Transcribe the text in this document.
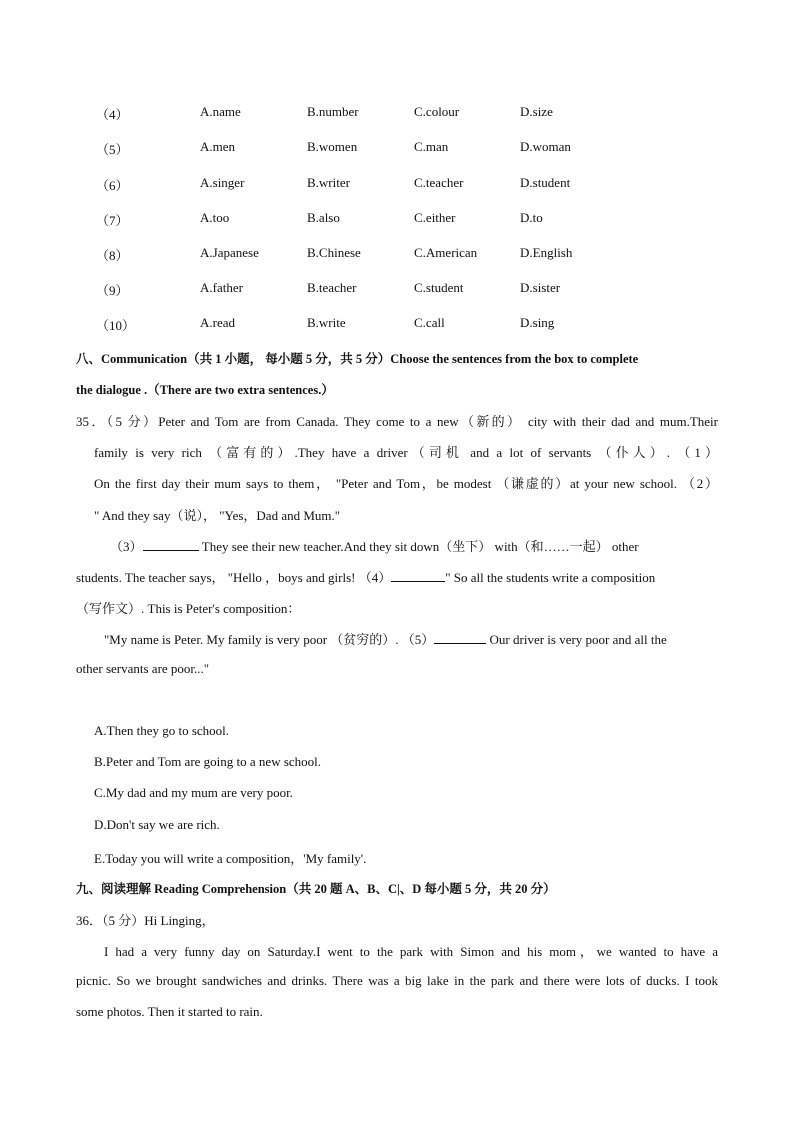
（4）	A.name	B.number	C.colour	D.size
（5）	A.men	B.women	C.man	D.woman
（6）	A.singer	B.writer	C.teacher	D.student
（7）	A.too	B.also	C.either	D.to
（8）	A.Japanese	B.Chinese	C.American	D.English
（9）	A.father	B.teacher	C.student	D.sister
（10）	A.read	B.write	C.call	D.sing
八、Communication（共 1 小题， 每小题 5 分，共 5 分）Choose the sentences from the box to complete
the dialogue .（There are two extra sentences.）
35．（5 分）Peter and Tom are from Canada. They come to a new（新的） city with their dad and mum.Their
family is very rich （富有的）.They have a driver（司机 and a lot of servants （仆人）. （1）
On the first day their mum says to them， "Peter and Tom，be modest （谦虚的）at your new school. （2）
" And they say（说）， "Yes，Dad and Mum."
（3）	They see their new teacher.And they sit down（坐下） with（和……一起） other
students. The teacher says， "Hello ，boys and girls! （4）	" So all the students write a composition
（写作文）. This is Peter's composition：
"My name is Peter. My family is very poor （贫穷的）. （5）	Our driver is very poor and all the
other servants are poor..."
A.Then they go to school.
B.Peter and Tom are going to a new school.
C.My dad and my mum are very poor.
D.Don't say we are rich.
E.Today you will write a composition，'My family'.
九、阅读理解 Reading Comprehension（共 20 题 A、B、C|、D 每小题 5 分，共 20 分）
36．（5 分）Hi Linging，
I had a very funny day on Saturday.I went to the park with Simon and his mom，we wanted to have a
picnic. So we brought sandwiches and drinks. There was a big lake in the park and there were lots of ducks. I took
some photos. Then it started to rain.
